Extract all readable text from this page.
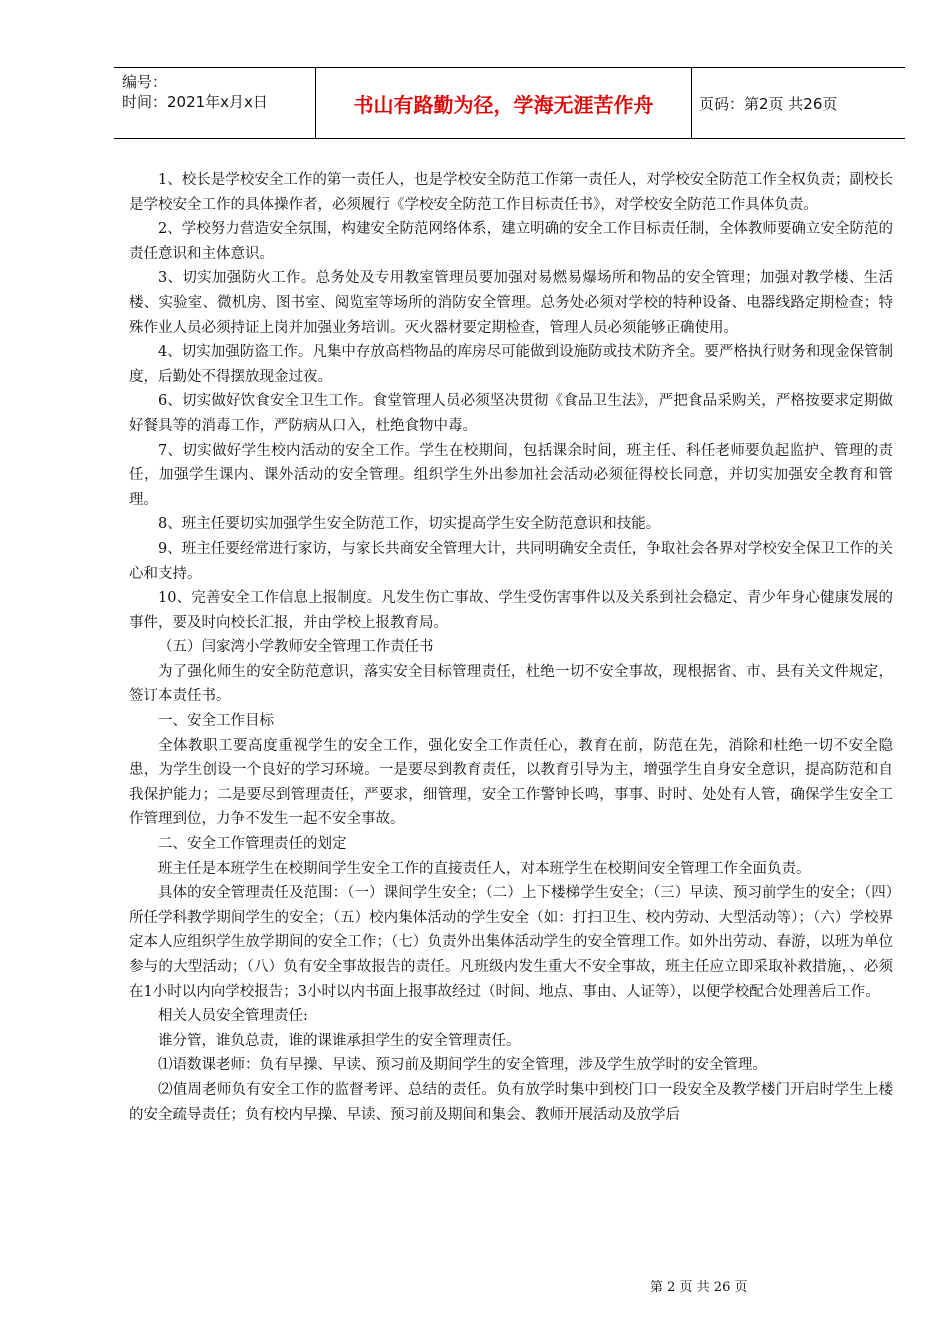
编号：
时间：2021年x月x日	书山有路勤为径，学海无涯苦作舟	页码：第2页 共26页

1、校长是学校安全工作的第一责任人，也是学校安全防范工作第一责任人，对学校安全防范工作全权负责；副校长是学校安全工作的具体操作者，必须履行《学校安全防范工作目标责任书》，对学校安全防范工作具体负责。

2、学校努力营造安全氛围，构建安全防范网络体系，建立明确的安全工作目标责任制，全体教师要确立安全防范的责任意识和主体意识。

3、切实加强防火工作。总务处及专用教室管理员要加强对易燃易爆场所和物品的安全管理；加强对教学楼、生活楼、实验室、微机房、图书室、阅览室等场所的消防安全管理。总务处必须对学校的特种设备、电器线路定期检查；特殊作业人员必须持证上岗并加强业务培训。灭火器材要定期检查，管理人员必须能够正确使用。

4、切实加强防盗工作。凡集中存放高档物品的库房尽可能做到设施防或技术防齐全。要严格执行财务和现金保管制度，后勤处不得摆放现金过夜。

6、切实做好饮食安全卫生工作。食堂管理人员必须坚决贯彻《食品卫生法》，严把食品采购关，严格按要求定期做好餐具等的消毒工作，严防病从口入，杜绝食物中毒。

7、切实做好学生校内活动的安全工作。学生在校期间，包括课余时间，班主任、科任老师要负起监护、管理的责任，加强学生课内、课外活动的安全管理。组织学生外出参加社会活动必须征得校长同意，并切实加强安全教育和管理。

8、班主任要切实加强学生安全防范工作，切实提高学生安全防范意识和技能。

9、班主任要经常进行家访，与家长共商安全管理大计，共同明确安全责任，争取社会各界对学校安全保卫工作的关心和支持。

10、完善安全工作信息上报制度。凡发生伤亡事故、学生受伤害事件以及关系到社会稳定、青少年身心健康发展的事件，要及时向校长汇报，并由学校上报教育局。

（五）闫家湾小学教师安全管理工作责任书

为了强化师生的安全防范意识，落实安全目标管理责任，杜绝一切不安全事故，现根据省、市、县有关文件规定，签订本责任书。

一、安全工作目标

全体教职工要高度重视学生的安全工作，强化安全工作责任心，教育在前，防范在先，消除和杜绝一切不安全隐患，为学生创设一个良好的学习环境。一是要尽到教育责任，以教育引导为主，增强学生自身安全意识，提高防范和自我保护能力；二是要尽到管理责任，严要求，细管理，安全工作警钟长鸣，事事、时时、处处有人管，确保学生安全工作管理到位，力争不发生一起不安全事故。

二、安全工作管理责任的划定

班主任是本班学生在校期间学生安全工作的直接责任人，对本班学生在校期间安全管理工作全面负责。

具体的安全管理责任及范围：（一）课间学生安全；（二）上下楼梯学生安全；（三）早读、预习前学生的安全；（四）所任学科教学期间学生的安全；（五）校内集体活动的学生安全（如：打扫卫生、校内劳动、大型活动等）；（六）学校界定本人应组织学生放学期间的安全工作；（七）负责外出集体活动学生的安全管理工作。如外出劳动、春游，以班为单位参与的大型活动；（八）负有安全事故报告的责任。凡班级内发生重大不安全事故，班主任应立即采取补救措施，、必须在1小时以内向学校报告；3小时以内书面上报事故经过（时间、地点、事由、人证等），以便学校配合处理善后工作。

相关人员安全管理责任:

谁分管，谁负总责，谁的课谁承担学生的安全管理责任。

⑴语数课老师：负有早操、早读、预习前及期间学生的安全管理，涉及学生放学时的安全管理。

⑵值周老师负有安全工作的监督考评、总结的责任。负有放学时集中到校门口一段安全及教学楼门开启时学生上楼的安全疏导责任；负有校内早操、早读、预习前及期间和集会、教师开展活动及放学后

第 2 页 共 26 页
